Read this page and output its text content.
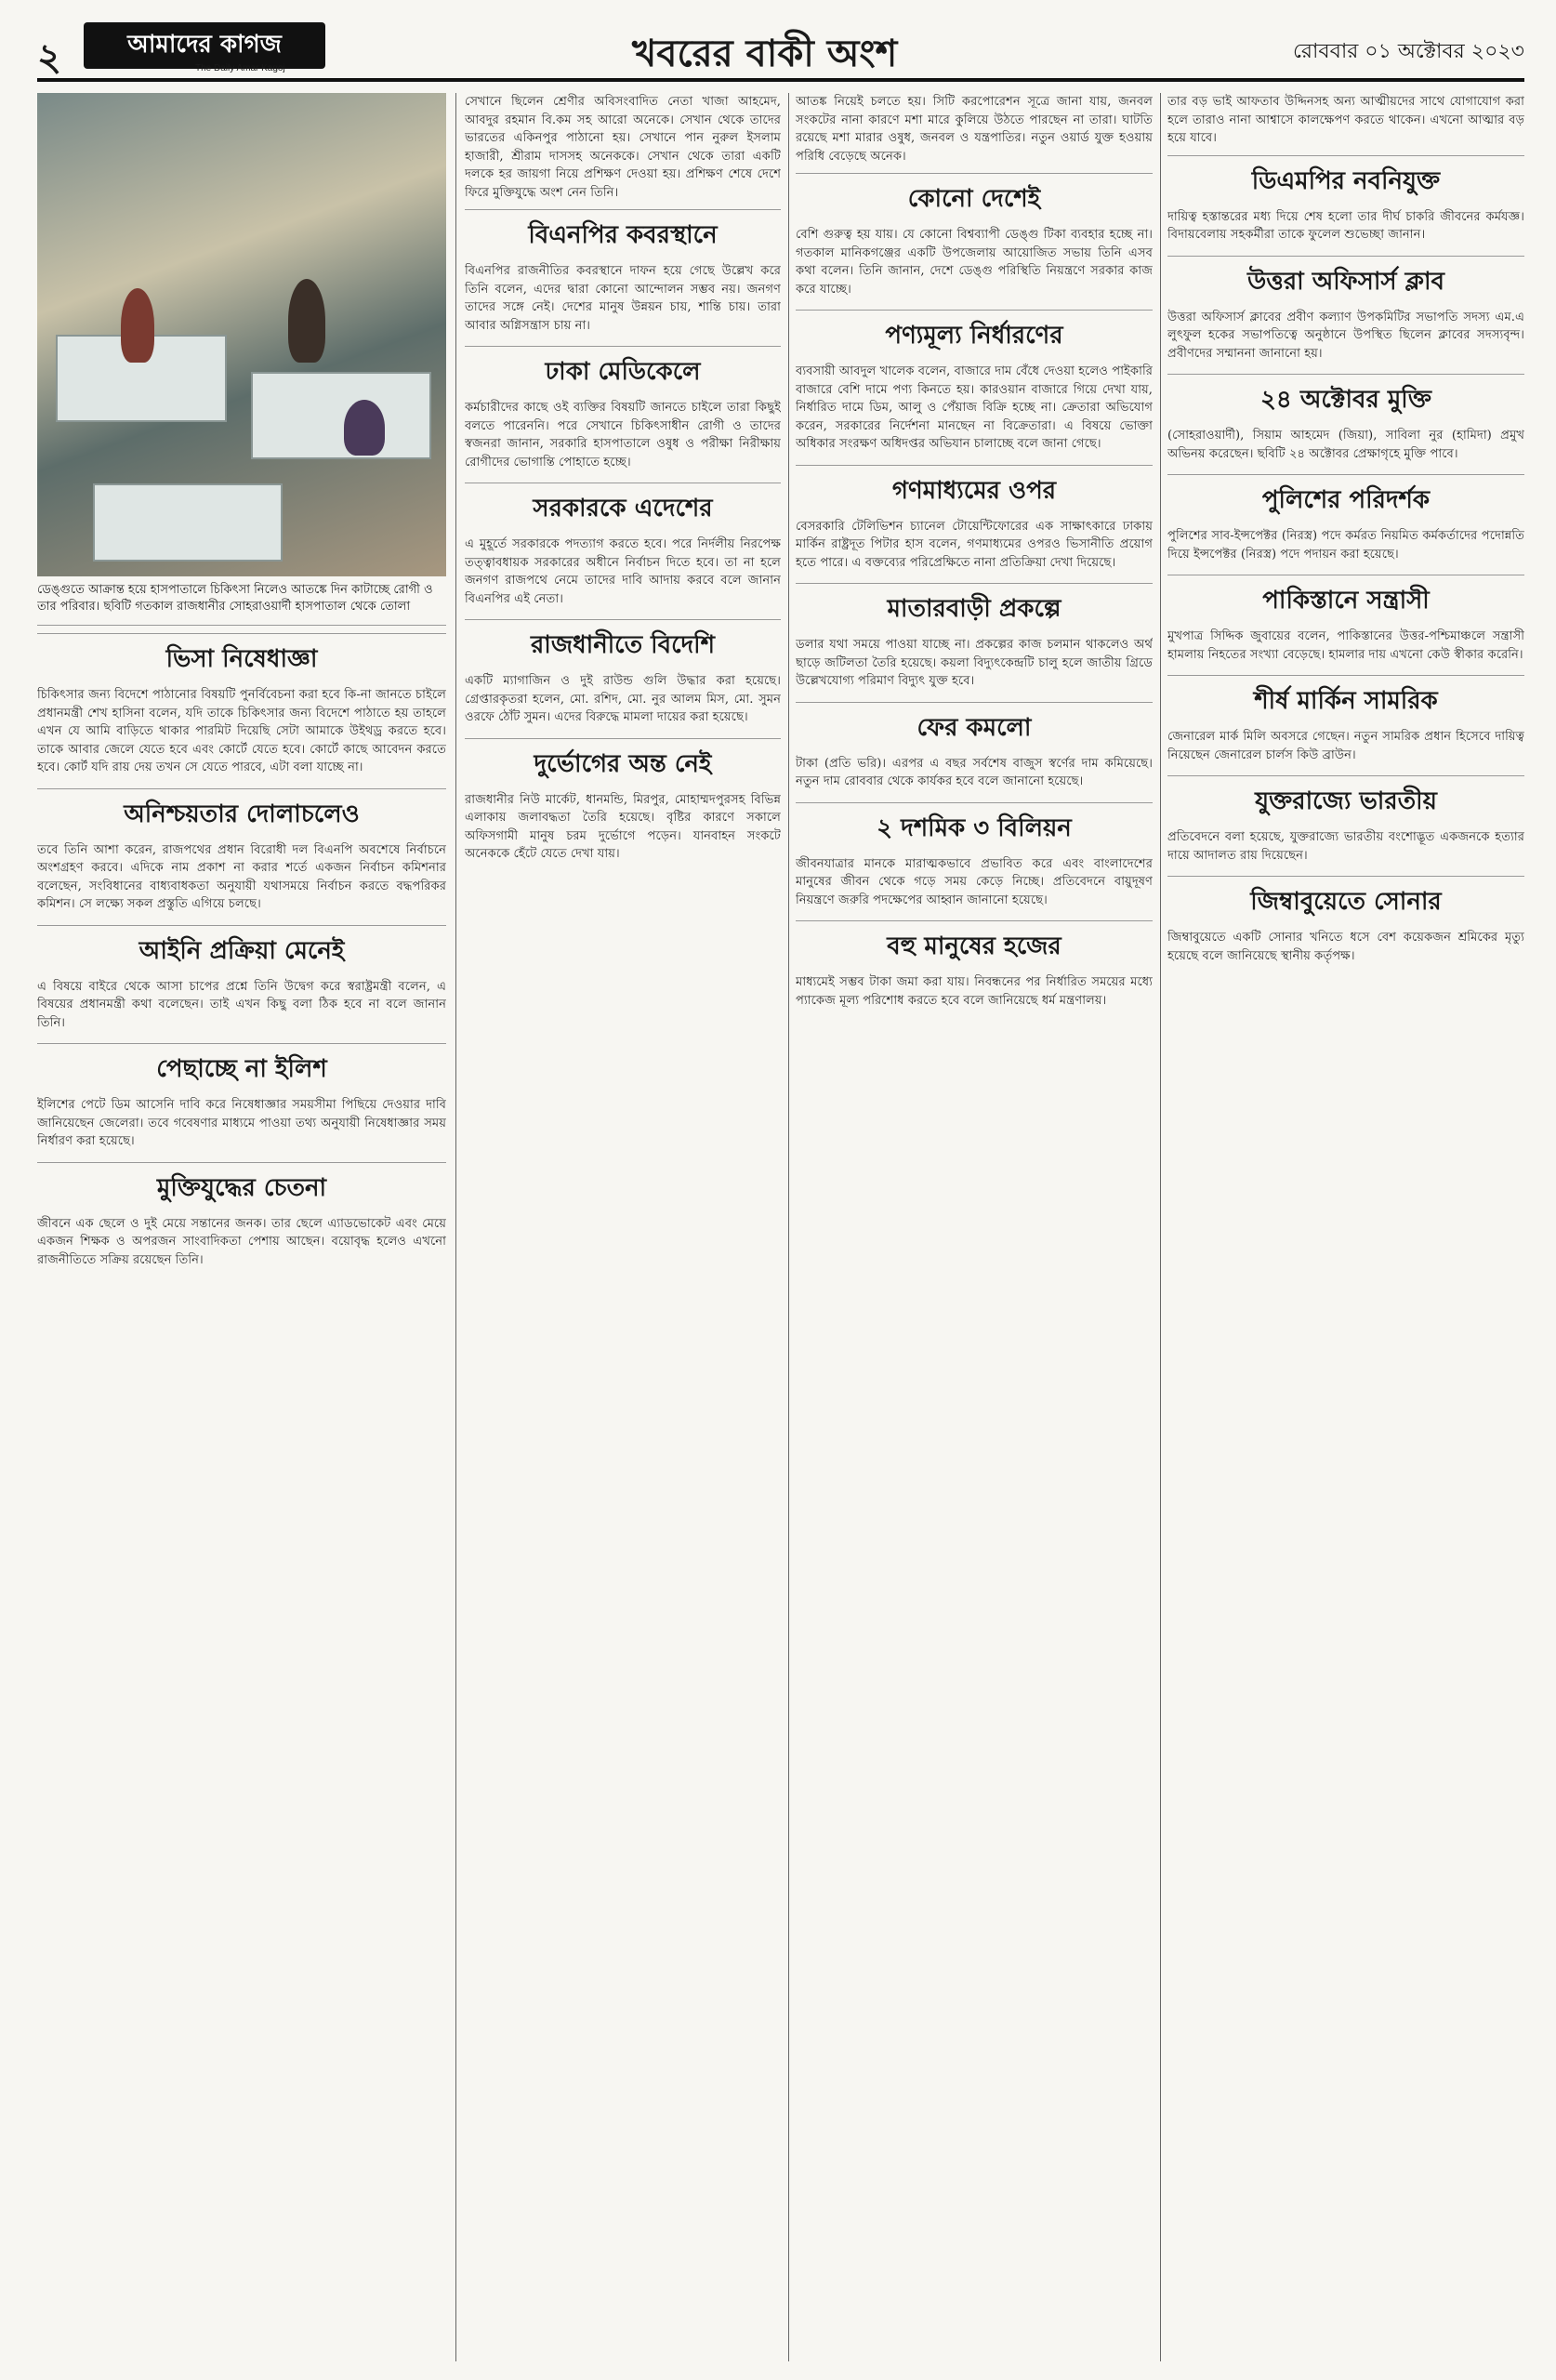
২	আমাদের কাগজ
The Daily Amar Kagoj	খবরের বাকী অংশ	রোববার ০১ অক্টোবর ২০২৩
ডেঙ্গুতে আক্রান্ত হয়ে হাসপাতালে চিকিৎসা নিলেও আতঙ্কে দিন কাটাচ্ছে রোগী ও তার পরিবার। ছবিটি গতকাল রাজধানীর সোহরাওয়ার্দী হাসপাতাল থেকে তোলা
ভিসা নিষেধাজ্ঞা
চিকিৎসার জন্য বিদেশে পাঠানোর বিষয়টি পুনর্বিবেচনা করা হবে কি-না জানতে চাইলে প্রধানমন্ত্রী শেখ হাসিনা বলেন, যদি তাকে চিকিৎসার জন্য বিদেশে পাঠাতে হয় তাহলে এখন যে আমি বাড়িতে থাকার পারমিট দিয়েছি সেটা আমাকে উইথড্র করতে হবে। তাকে আবার জেলে যেতে হবে এবং কোর্টে যেতে হবে। কোর্টে কাছে আবেদন করতে হবে। কোর্ট যদি রায় দেয় তখন সে যেতে পারবে, এটা বলা যাচ্ছে না।
অনিশ্চয়তার দোলাচলেও
তবে তিনি আশা করেন, রাজপথের প্রধান বিরোধী দল বিএনপি অবশেষে নির্বাচনে অংশগ্রহণ করবে। এদিকে নাম প্রকাশ না করার শর্তে একজন নির্বাচন কমিশনার বলেছেন, সংবিধানের বাধ্যবাধকতা অনুযায়ী যথাসময়ে নির্বাচন করতে বদ্ধপরিকর কমিশন। সে লক্ষ্যে সকল প্রস্তুতি এগিয়ে চলছে।
আইনি প্রক্রিয়া মেনেই
এ বিষয়ে বাইরে থেকে আসা চাপের প্রশ্নে তিনি উদ্বেগ করে স্বরাষ্ট্রমন্ত্রী বলেন, এ বিষয়ের প্রধানমন্ত্রী কথা বলেছেন। তাই এখন কিছু বলা ঠিক হবে না বলে জানান তিনি।
পেছাচ্ছে না ইলিশ
ইলিশের পেটে ডিম আসেনি দাবি করে নিষেধাজ্ঞার সময়সীমা পিছিয়ে দেওয়ার দাবি জানিয়েছেন জেলেরা। তবে গবেষণার মাধ্যমে পাওয়া তথ্য অনুযায়ী নিষেধাজ্ঞার সময় নির্ধারণ করা হয়েছে।
মুক্তিযুদ্ধের চেতনা
জীবনে এক ছেলে ও দুই মেয়ে সন্তানের জনক। তার ছেলে এ্যাডভোকেট এবং মেয়ে একজন শিক্ষক ও অপরজন সাংবাদিকতা পেশায় আছেন। বয়োবৃদ্ধ হলেও এখনো রাজনীতিতে সক্রিয় রয়েছেন তিনি।
সেখানে ছিলেন শ্রেণীর অবিসংবাদিত নেতা খাজা আহমেদ, আবদুর রহমান বি.কম সহ আরো অনেকে। সেখান থেকে তাদের ভারতের একিনপুর পাঠানো হয়। সেখানে পান নুরুল ইসলাম হাজারী, শ্রীরাম দাসসহ অনেককে। সেখান থেকে তারা একটি দলকে হর জায়গা নিয়ে প্রশিক্ষণ দেওয়া হয়। প্রশিক্ষণ শেষে দেশে ফিরে মুক্তিযুদ্ধে অংশ নেন তিনি।
বিএনপির কবরস্থানে
বিএনপির রাজনীতির কবরস্থানে দাফন হয়ে গেছে উল্লেখ করে তিনি বলেন, এদের দ্বারা কোনো আন্দোলন সম্ভব নয়। জনগণ তাদের সঙ্গে নেই। দেশের মানুষ উন্নয়ন চায়, শান্তি চায়। তারা আবার অগ্নিসন্ত্রাস চায় না।
ঢাকা মেডিকেলে
কর্মচারীদের কাছে ওই ব্যক্তির বিষয়টি জানতে চাইলে তারা কিছুই বলতে পারেননি। পরে সেখানে চিকিৎসাধীন রোগী ও তাদের স্বজনরা জানান, সরকারি হাসপাতালে ওষুধ ও পরীক্ষা নিরীক্ষায় রোগীদের ভোগান্তি পোহাতে হচ্ছে।
সরকারকে এদেশের
এ মুহূর্তে সরকারকে পদত্যাগ করতে হবে। পরে নির্দলীয় নিরপেক্ষ তত্ত্বাবধায়ক সরকারের অধীনে নির্বাচন দিতে হবে। তা না হলে জনগণ রাজপথে নেমে তাদের দাবি আদায় করবে বলে জানান বিএনপির এই নেতা।
রাজধানীতে বিদেশি
একটি ম্যাগাজিন ও দুই রাউন্ড গুলি উদ্ধার করা হয়েছে। গ্রেপ্তারকৃতরা হলেন, মো. রশিদ, মো. নুর আলম মিস, মো. সুমন ওরফে ঠোঁট সুমন। এদের বিরুদ্ধে মামলা দায়ের করা হয়েছে।
দুর্ভোগের অন্ত নেই
রাজধানীর নিউ মার্কেট, ধানমন্ডি, মিরপুর, মোহাম্মদপুরসহ বিভিন্ন এলাকায় জলাবদ্ধতা তৈরি হয়েছে। বৃষ্টির কারণে সকালে অফিসগামী মানুষ চরম দুর্ভোগে পড়েন। যানবাহন সংকটে অনেককে হেঁটে যেতে দেখা যায়।
আতঙ্ক নিয়েই চলতে হয়। সিটি করপোরেশন সূত্রে জানা যায়, জনবল সংকটের নানা কারণে মশা মারে কুলিয়ে উঠতে পারছেন না তারা। ঘাটতি রয়েছে মশা মারার ওষুধ, জনবল ও যন্ত্রপাতির। নতুন ওয়ার্ড যুক্ত হওয়ায় পরিধি বেড়েছে অনেক।
কোনো দেশেই
বেশি গুরুত্ব হয় যায়। যে কোনো বিশ্বব্যাপী ডেঙ্গু টিকা ব্যবহার হচ্ছে না। গতকাল মানিকগঞ্জের একটি উপজেলায় আয়োজিত সভায় তিনি এসব কথা বলেন। তিনি জানান, দেশে ডেঙ্গু পরিস্থিতি নিয়ন্ত্রণে সরকার কাজ করে যাচ্ছে।
পণ্যমূল্য নির্ধারণের
ব্যবসায়ী আবদুল খালেক বলেন, বাজারে দাম বেঁধে দেওয়া হলেও পাইকারি বাজারে বেশি দামে পণ্য কিনতে হয়। কারওয়ান বাজারে গিয়ে দেখা যায়, নির্ধারিত দামে ডিম, আলু ও পেঁয়াজ বিক্রি হচ্ছে না। ক্রেতারা অভিযোগ করেন, সরকারের নির্দেশনা মানছেন না বিক্রেতারা। এ বিষয়ে ভোক্তা অধিকার সংরক্ষণ অধিদপ্তর অভিযান চালাচ্ছে বলে জানা গেছে।
গণমাধ্যমের ওপর
বেসরকারি টেলিভিশন চ্যানেল টোয়েন্টিফোরের এক সাক্ষাৎকারে ঢাকায় মার্কিন রাষ্ট্রদূত পিটার হাস বলেন, গণমাধ্যমের ওপরও ভিসানীতি প্রয়োগ হতে পারে। এ বক্তব্যের পরিপ্রেক্ষিতে নানা প্রতিক্রিয়া দেখা দিয়েছে।
মাতারবাড়ী প্রকল্পে
ডলার যথা সময়ে পাওয়া যাচ্ছে না। প্রকল্পের কাজ চলমান থাকলেও অর্থ ছাড়ে জটিলতা তৈরি হয়েছে। কয়লা বিদ্যুৎকেন্দ্রটি চালু হলে জাতীয় গ্রিডে উল্লেখযোগ্য পরিমাণ বিদ্যুৎ যুক্ত হবে।
ফের কমলো
টাকা (প্রতি ভরি)। এরপর এ বছর সর্বশেষ বাজুস স্বর্ণের দাম কমিয়েছে। নতুন দাম রোববার থেকে কার্যকর হবে বলে জানানো হয়েছে।
২ দশমিক ৩ বিলিয়ন
জীবনযাত্রার মানকে মারাত্মকভাবে প্রভাবিত করে এবং বাংলাদেশের মানুষের জীবন থেকে গড়ে সময় কেড়ে নিচ্ছে। প্রতিবেদনে বায়ুদূষণ নিয়ন্ত্রণে জরুরি পদক্ষেপের আহ্বান জানানো হয়েছে।
বহু মানুষের হজের
মাধ্যমেই সম্ভব টাকা জমা করা যায়। নিবন্ধনের পর নির্ধারিত সময়ের মধ্যে প্যাকেজ মূল্য পরিশোধ করতে হবে বলে জানিয়েছে ধর্ম মন্ত্রণালয়।
তার বড় ভাই আফতাব উদ্দিনসহ অন্য আত্মীয়দের সাথে যোগাযোগ করা হলে তারাও নানা আশ্বাসে কালক্ষেপণ করতে থাকেন। এখনো আত্মার বড় হয়ে যাবে।
ডিএমপির নবনিযুক্ত
দায়িত্ব হস্তান্তরের মধ্য দিয়ে শেষ হলো তার দীর্ঘ চাকরি জীবনের কর্মযজ্ঞ। বিদায়বেলায় সহকর্মীরা তাকে ফুলেল শুভেচ্ছা জানান।
উত্তরা অফিসার্স ক্লাব
উত্তরা অফিসার্স ক্লাবের প্রবীণ কল্যাণ উপকমিটির সভাপতি সদস্য এম.এ লুৎফুল হকের সভাপতিত্বে অনুষ্ঠানে উপস্থিত ছিলেন ক্লাবের সদস্যবৃন্দ। প্রবীণদের সম্মাননা জানানো হয়।
২৪ অক্টোবর মুক্তি
(সোহরাওয়ার্দী), সিয়াম আহমেদ (জিয়া), সাবিলা নুর (হামিদা) প্রমুখ অভিনয় করেছেন। ছবিটি ২৪ অক্টোবর প্রেক্ষাগৃহে মুক্তি পাবে।
পুলিশের পরিদর্শক
পুলিশের সাব-ইন্সপেক্টর (নিরস্ত্র) পদে কর্মরত নিয়মিত কর্মকর্তাদের পদোন্নতি দিয়ে ইন্সপেক্টর (নিরস্ত্র) পদে পদায়ন করা হয়েছে।
পাকিস্তানে সন্ত্রাসী
মুখপাত্র সিদ্দিক জুবায়ের বলেন, পাকিস্তানের উত্তর-পশ্চিমাঞ্চলে সন্ত্রাসী হামলায় নিহতের সংখ্যা বেড়েছে। হামলার দায় এখনো কেউ স্বীকার করেনি।
শীর্ষ মার্কিন সামরিক
জেনারেল মার্ক মিলি অবসরে গেছেন। নতুন সামরিক প্রধান হিসেবে দায়িত্ব নিয়েছেন জেনারেল চার্লস কিউ ব্রাউন।
যুক্তরাজ্যে ভারতীয়
প্রতিবেদনে বলা হয়েছে, যুক্তরাজ্যে ভারতীয় বংশোদ্ভূত একজনকে হত্যার দায়ে আদালত রায় দিয়েছেন।
জিম্বাবুয়েতে সোনার
জিম্বাবুয়েতে একটি সোনার খনিতে ধসে বেশ কয়েকজন শ্রমিকের মৃত্যু হয়েছে বলে জানিয়েছে স্থানীয় কর্তৃপক্ষ।
